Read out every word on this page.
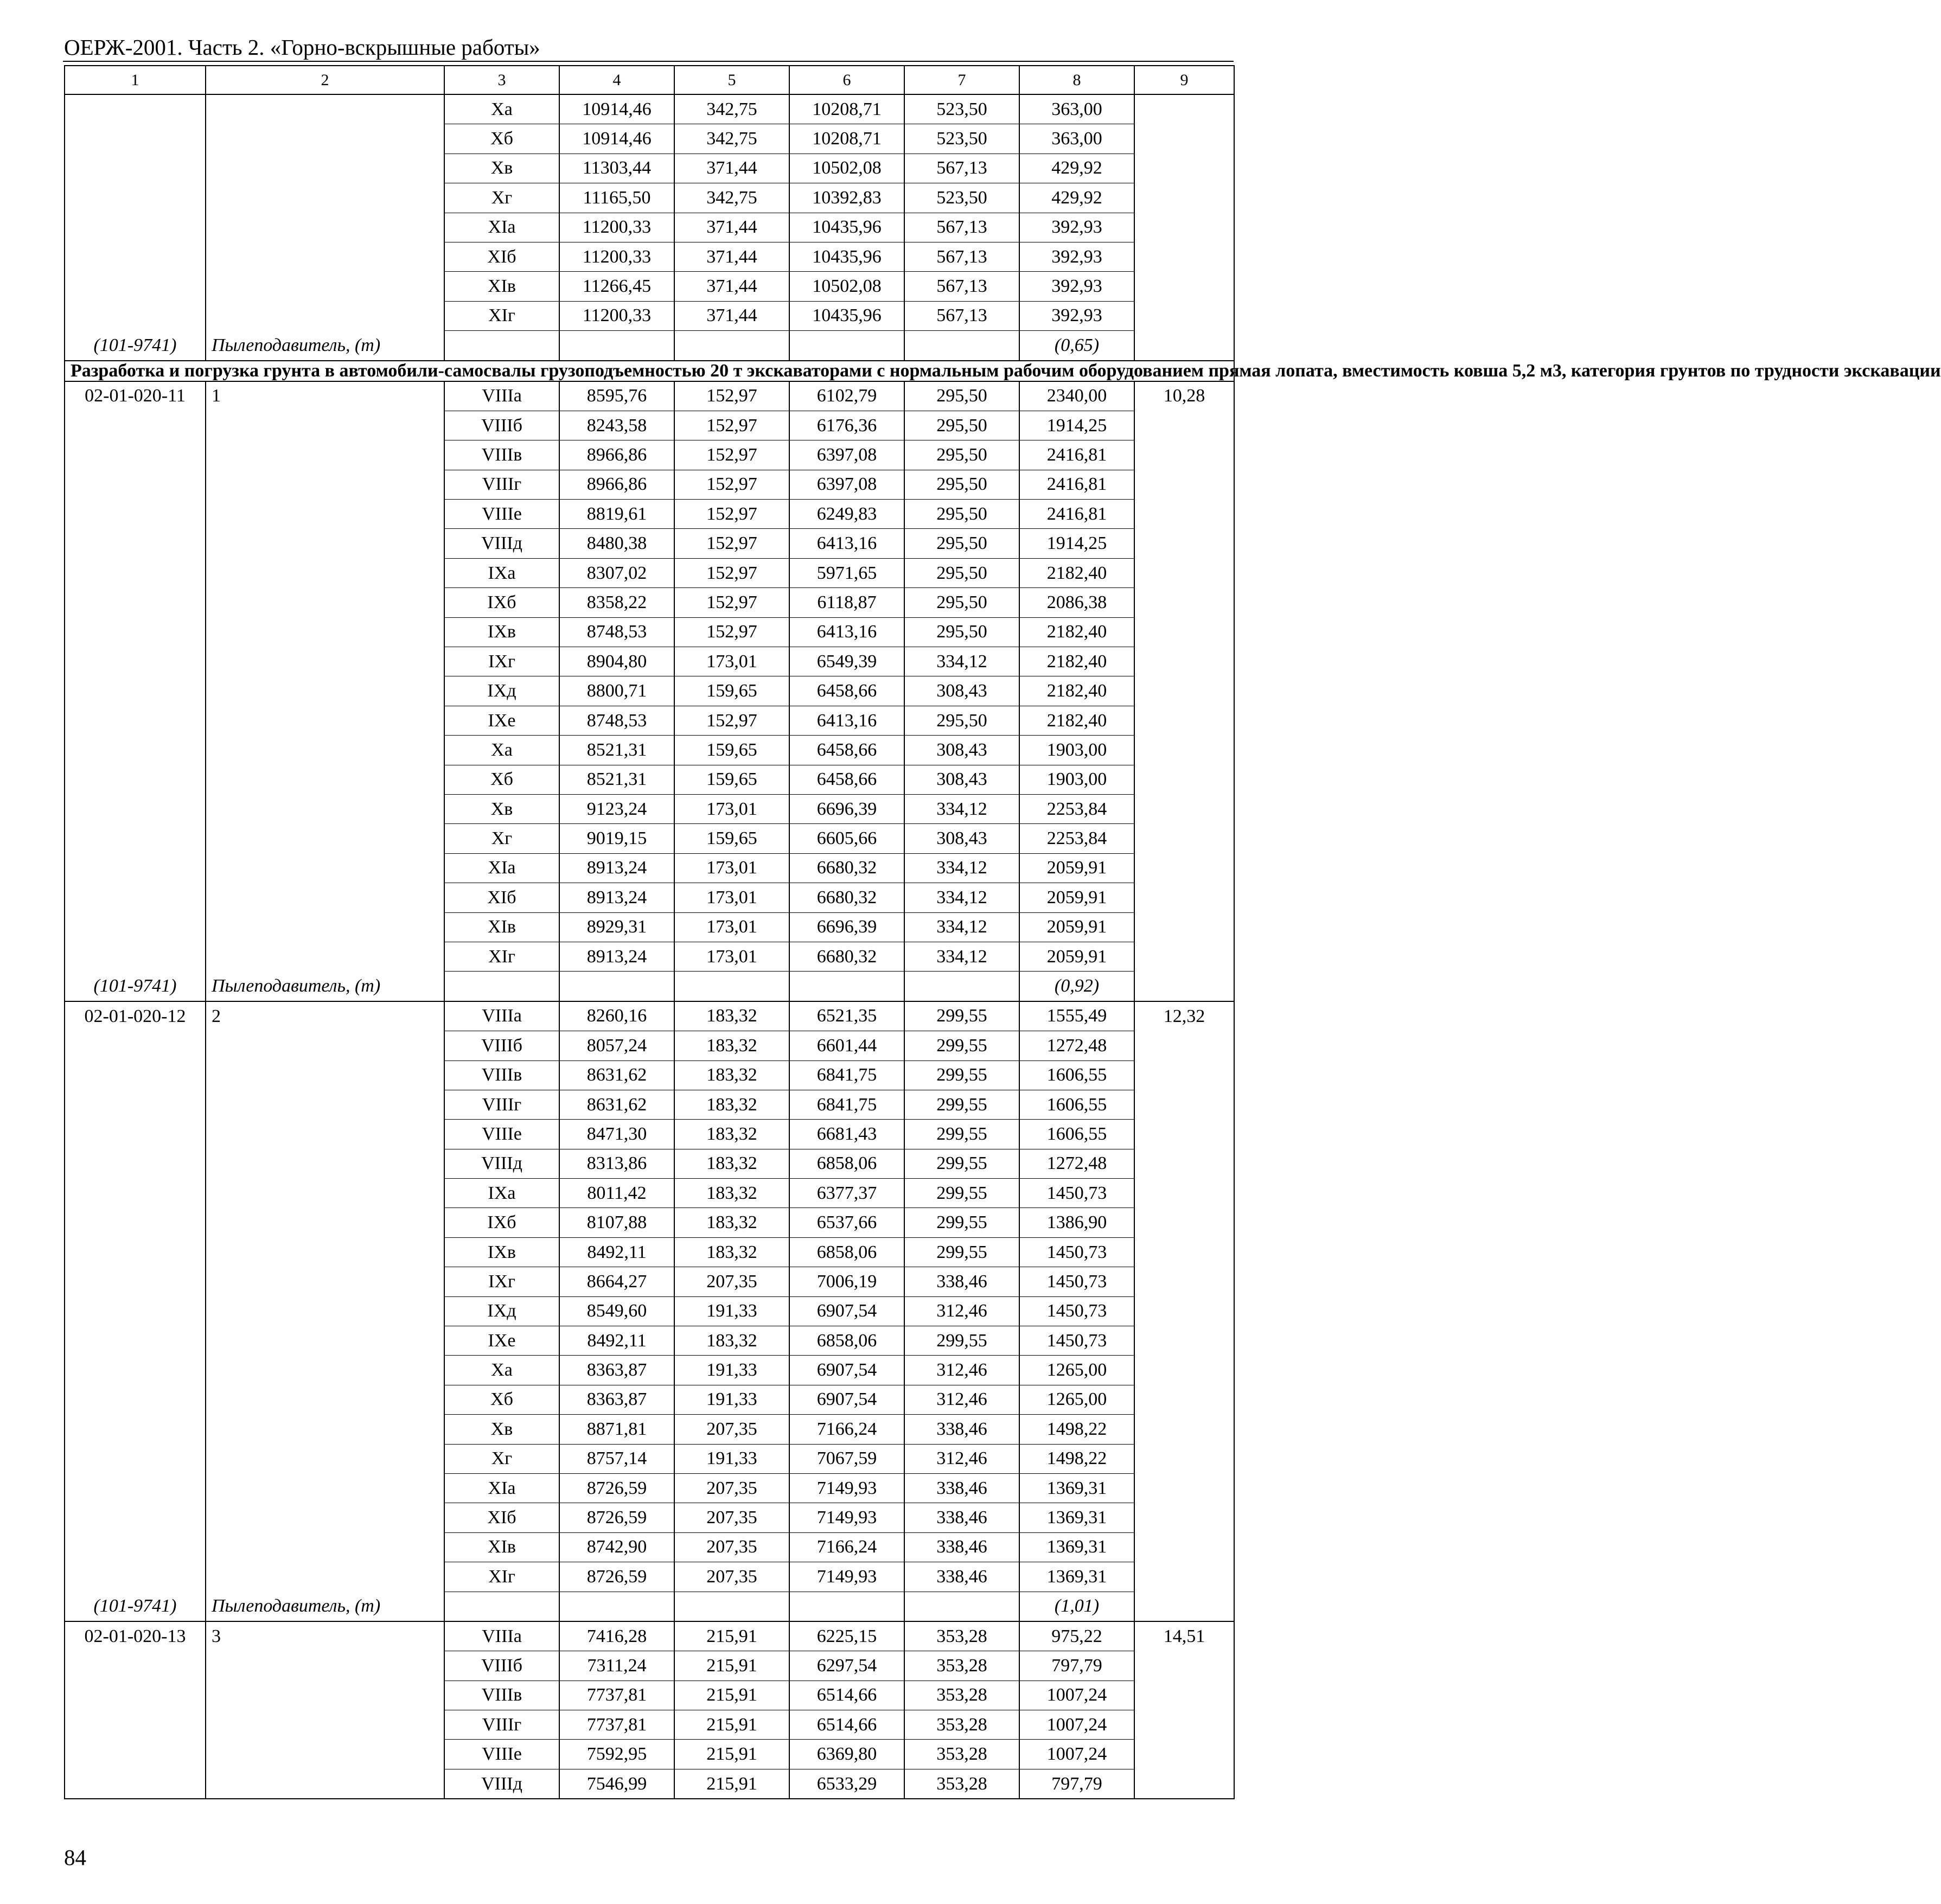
ОЕРЖ-2001. Часть 2. «Горно-вскрышные работы»
1	2	3	4	5	6	7	8	9
		Xa	10914,46	342,75	10208,71	523,50	363,00	
		Xб	10914,46	342,75	10208,71	523,50	363,00	
		Xв	11303,44	371,44	10502,08	567,13	429,92	
		Xг	11165,50	342,75	10392,83	523,50	429,92	
		XIa	11200,33	371,44	10435,96	567,13	392,93	
		XIб	11200,33	371,44	10435,96	567,13	392,93	
		XIв	11266,45	371,44	10502,08	567,13	392,93	
		XIг	11200,33	371,44	10435,96	567,13	392,93	
(101-9741)	Пылеподавитель, (т)						(0,65)	
Разработка и погрузка грунта в автомобили-самосвалы грузоподъемностью 20 т экскаваторами с нормальным рабочим оборудованием прямая лопата, вместимость ковша 5,2 м3, категория грунтов по трудности экскавации								
02-01-020-11	1	VIIIa	8595,76	152,97	6102,79	295,50	2340,00	10,28
		VIIIб	8243,58	152,97	6176,36	295,50	1914,25	
		VIIIв	8966,86	152,97	6397,08	295,50	2416,81	
		VIIIг	8966,86	152,97	6397,08	295,50	2416,81	
		VIIIе	8819,61	152,97	6249,83	295,50	2416,81	
		VIIIд	8480,38	152,97	6413,16	295,50	1914,25	
		IXa	8307,02	152,97	5971,65	295,50	2182,40	
		IXб	8358,22	152,97	6118,87	295,50	2086,38	
		IXв	8748,53	152,97	6413,16	295,50	2182,40	
		IXг	8904,80	173,01	6549,39	334,12	2182,40	
		IXд	8800,71	159,65	6458,66	308,43	2182,40	
		IXе	8748,53	152,97	6413,16	295,50	2182,40	
		Xa	8521,31	159,65	6458,66	308,43	1903,00	
		Xб	8521,31	159,65	6458,66	308,43	1903,00	
		Xв	9123,24	173,01	6696,39	334,12	2253,84	
		Xг	9019,15	159,65	6605,66	308,43	2253,84	
		XIa	8913,24	173,01	6680,32	334,12	2059,91	
		XIб	8913,24	173,01	6680,32	334,12	2059,91	
		XIв	8929,31	173,01	6696,39	334,12	2059,91	
		XIг	8913,24	173,01	6680,32	334,12	2059,91	
(101-9741)	Пылеподавитель, (т)						(0,92)	
02-01-020-12	2	VIIIa	8260,16	183,32	6521,35	299,55	1555,49	12,32
		VIIIб	8057,24	183,32	6601,44	299,55	1272,48	
		VIIIв	8631,62	183,32	6841,75	299,55	1606,55	
		VIIIг	8631,62	183,32	6841,75	299,55	1606,55	
		VIIIе	8471,30	183,32	6681,43	299,55	1606,55	
		VIIIд	8313,86	183,32	6858,06	299,55	1272,48	
		IXa	8011,42	183,32	6377,37	299,55	1450,73	
		IXб	8107,88	183,32	6537,66	299,55	1386,90	
		IXв	8492,11	183,32	6858,06	299,55	1450,73	
		IXг	8664,27	207,35	7006,19	338,46	1450,73	
		IXд	8549,60	191,33	6907,54	312,46	1450,73	
		IXе	8492,11	183,32	6858,06	299,55	1450,73	
		Xa	8363,87	191,33	6907,54	312,46	1265,00	
		Xб	8363,87	191,33	6907,54	312,46	1265,00	
		Xв	8871,81	207,35	7166,24	338,46	1498,22	
		Xг	8757,14	191,33	7067,59	312,46	1498,22	
		XIa	8726,59	207,35	7149,93	338,46	1369,31	
		XIб	8726,59	207,35	7149,93	338,46	1369,31	
		XIв	8742,90	207,35	7166,24	338,46	1369,31	
		XIг	8726,59	207,35	7149,93	338,46	1369,31	
(101-9741)	Пылеподавитель, (т)						(1,01)	
02-01-020-13	3	VIIIa	7416,28	215,91	6225,15	353,28	975,22	14,51
		VIIIб	7311,24	215,91	6297,54	353,28	797,79	
		VIIIв	7737,81	215,91	6514,66	353,28	1007,24	
		VIIIг	7737,81	215,91	6514,66	353,28	1007,24	
		VIIIе	7592,95	215,91	6369,80	353,28	1007,24	
		VIIIд	7546,99	215,91	6533,29	353,28	797,79	
84
